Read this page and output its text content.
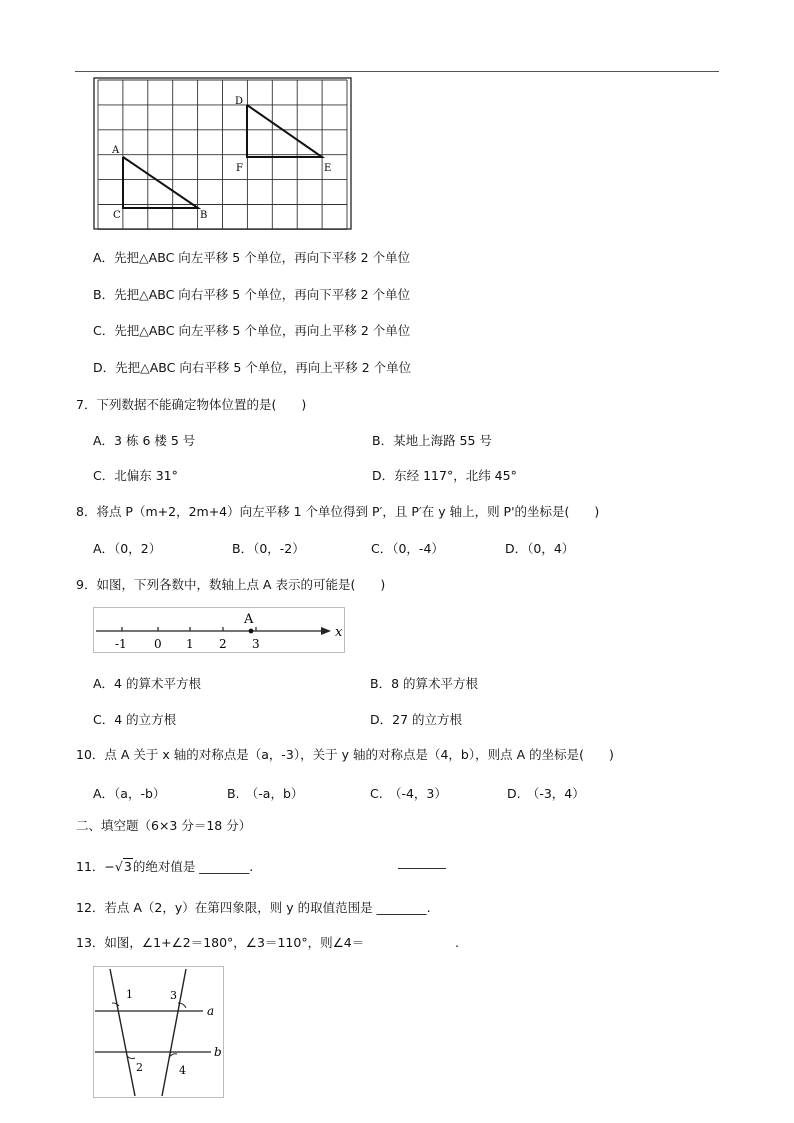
A
C	B
D
F	E
A．先把△ABC 向左平移 5 个单位，再向下平移 2 个单位
B．先把△ABC 向右平移 5 个单位，再向下平移 2 个单位
C．先把△ABC 向左平移 5 个单位，再向上平移 2 个单位
D．先把△ABC 向右平移 5 个单位，再向上平移 2 个单位
7．下列数据不能确定物体位置的是(　　)
A．3 栋 6 楼 5 号	B．某地上海路 55 号
C．北偏东 31°	D．东经 117°，北纬 45°
8．将点 P（m+2，2m+4）向左平移 1 个单位得到 P′，且 P′在 y 轴上，则 P'的坐标是(　　)
A．（0，2）	B．（0，-2）	C．（0，-4）	D．（0，4）
9．如图，下列各数中，数轴上点 A 表示的可能是(　　)
A
x
-1 0 1 2 3
A．4 的算术平方根	B．8 的算术平方根
C．4 的立方根	D．27 的立方根
10．点 A 关于 x 轴的对称点是（a，-3），关于 y 轴的对称点是（4，b），则点 A 的坐标是(　　)
A．（a，-b）	B.　（-a，b）	C.　（-4，3）	D.　（-3，4）
二、填空题（6×3 分＝18 分）
11．−√3的绝对值是 ________.
12．若点 A（2，y）在第四象限，则 y 的取值范围是 ________.
13．如图，∠1+∠2＝180°，∠3＝110°，则∠4＝	.
1	3
2	4
a
b
